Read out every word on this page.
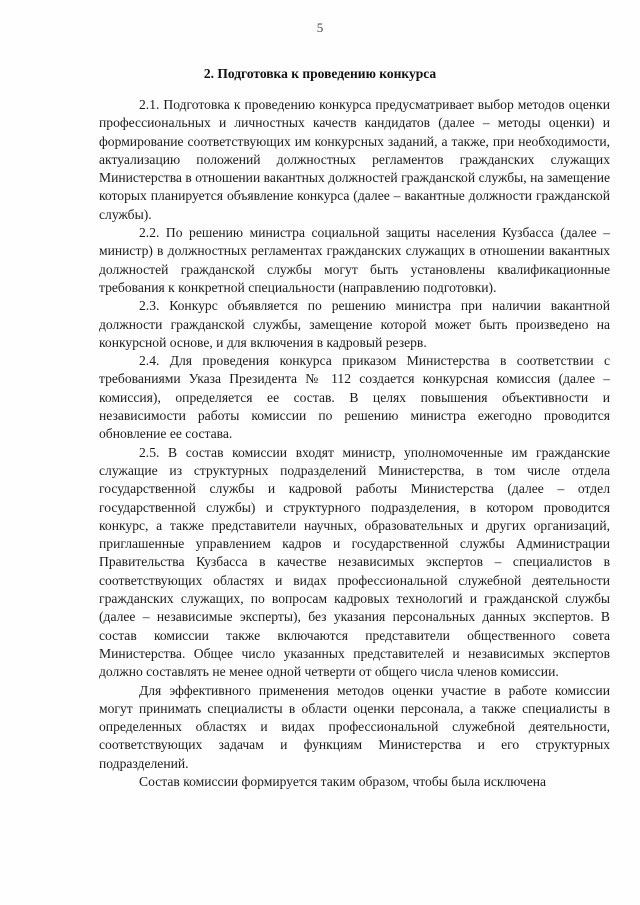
5
2. Подготовка к проведению конкурса

2.1. Подготовка к проведению конкурса предусматривает выбор методов оценки профессиональных и личностных качеств кандидатов (далее – методы оценки) и формирование соответствующих им конкурсных заданий, а также, при необходимости, актуализацию положений должностных регламентов гражданских служащих Министерства в отношении вакантных должностей гражданской службы, на замещение которых планируется объявление конкурса (далее – вакантные должности гражданской службы).

2.2. По решению министра социальной защиты населения Кузбасса (далее – министр) в должностных регламентах гражданских служащих в отношении вакантных должностей гражданской службы могут быть установлены квалификационные требования к конкретной специальности (направлению подготовки).

2.3. Конкурс объявляется по решению министра при наличии вакантной должности гражданской службы, замещение которой может быть произведено на конкурсной основе, и для включения в кадровый резерв.

2.4. Для проведения конкурса приказом Министерства в соответствии с требованиями Указа Президента № 112 создается конкурсная комиссия (далее – комиссия), определяется ее состав. В целях повышения объективности и независимости работы комиссии по решению министра ежегодно проводится обновление ее состава.

2.5. В состав комиссии входят министр, уполномоченные им гражданские служащие из структурных подразделений Министерства, в том числе отдела государственной службы и кадровой работы Министерства (далее – отдел государственной службы) и структурного подразделения, в котором проводится конкурс, а также представители научных, образовательных и других организаций, приглашенные управлением кадров и государственной службы Администрации Правительства Кузбасса в качестве независимых экспертов – специалистов в соответствующих областях и видах профессиональной служебной деятельности гражданских служащих, по вопросам кадровых технологий и гражданской службы (далее – независимые эксперты), без указания персональных данных экспертов. В состав комиссии также включаются представители общественного совета Министерства. Общее число указанных представителей и независимых экспертов должно составлять не менее одной четверти от общего числа членов комиссии.

Для эффективного применения методов оценки участие в работе комиссии могут принимать специалисты в области оценки персонала, а также специалисты в определенных областях и видах профессиональной служебной деятельности, соответствующих задачам и функциям Министерства и его структурных подразделений.

Состав комиссии формируется таким образом, чтобы была исключена
